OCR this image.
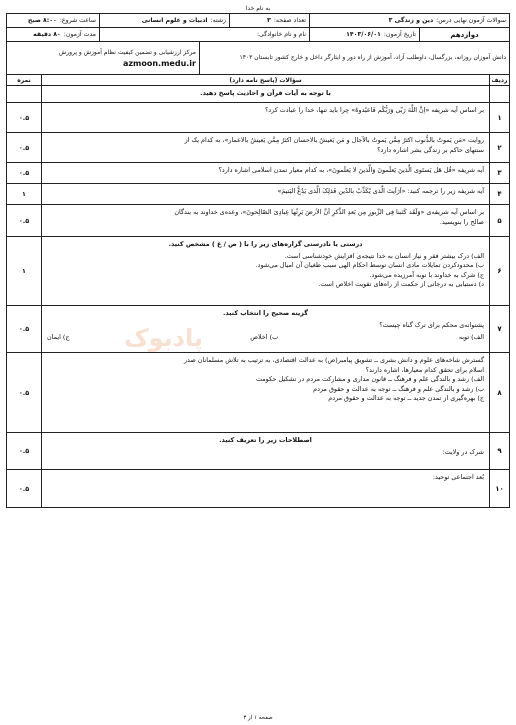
به نام خدا
سوالات آزمون نهایی درس:
دین و زندگی ۳
تعداد صفحه:
۳
رشته:
ادبیات و علوم انسانی
ساعت شروع:
۸:۰۰ صبح
دوازدهم
تاریخ آزمون:
۱۴۰۳/۰۶/۰۱
نام و نام خانوادگی:
مدت آزمون:
۸۰ دقیقه
دانش آموزان روزانه، بزرگسال، داوطلب آزاد، آموزش از راه دور و ایثارگر داخل و خارج کشور تابستان ۱۴۰۳
مرکز ارزشیابی و تضمین کیفیت نظام آموزش و پرورش
azmoon.medu.ir
ردیف
سؤالات (پاسخ نامه دارد)
نمره
با توجه به آیات قرآن و احادیث پاسخ دهید.
۱
بر اساس آیه شریفه «اِنَّ اللَّهَ رَبّی وَرَبُّکُم فَاعبُدوهُ» چرا باید تنها، خدا را عبادت کرد؟
۰.۵
۲
روایت «مَن یَموتُ بالذُّنوب اکثرُ مِمَّن یَموتُ بالآجال و مَن یَعیشُ بالاحسان اکثرُ مِمَّن یَعیشُ بالاعمار»، به کدام یک از
سنتهای حاکم بر زندگی بشر اشاره دارد؟
۰.۵
۳
آیه شریفه «قُل هَل یَستَوی الَّذینَ یَعلَمونَ وَالَّذینَ لا یَعلَمونَ»، به کدام معیار تمدن اسلامی اشاره دارد؟
۰.۵
۴
آیه شریفه زیر را ترجمه کنید: «اَرَاَیتَ الَّذی یُکَذِّبُ بالدّین فَذلِکَ الَّذی یَدُعُّ الیَتیمَ»
۱
۵
بر اساس آیه شریفه‌ی «وَلَقَد کَتَبنا فِی الزَّبورِ مِن بَعدِ الذِّکرِ اَنَّ الاَرضَ یَرِثُها عِبادِیَ الصّالِحونَ»، وعده‌ی خداوند به بندگان
صالح را بنویسید.
۰.۵
۶
درستی یا نادرستی گزاره‌های زیر را با ( ص / غ ) مشخص کنید.
الف) درک بیشتر فقر و نیاز انسان به خدا نتیجه‌ی افزایش خودشناسی است.
ب) محدودکردن تمایلات مادی انسان توسط احکام الهی سبب طغیان آن امیال می‌شود.
ج) شرک به خداوند با توبه آمرزیده می‌شود.
د) دستیابی به درجاتی از حکمت از راه‌های تقویت اخلاص است.
۱
۷
گزینه صحیح را انتخاب کنید.
پشتوانه‌ی محکم برای ترک گناه چیست؟
الف) توبه
ب) اخلاص
ج) ایمان
۰.۵
۸
گسترش شاخه‌های علوم و دانش بشری ــ تشویق پیامبر(ص) به عدالت اقتصادی، به ترتیب به تلاش مسلمانان صدر
اسلام برای تحقق کدام معیارها، اشاره دارند؟
الف) رشد و بالندگی علم و فرهنگ ــ قانون مداری و مشارکت مردم در تشکیل حکومت
ب) رشد و بالندگی علم و فرهنگ ــ توجه به عدالت و حقوق مردم
ج) بهره‌گیری از تمدن جدید ــ توجه به عدالت و حقوق مردم
۰.۵
۹
اصطلاحات زیر را تعریف کنید.
شرک در ولایت:
۰.۵
۱۰
بُعد اجتماعی توحید:
۰.۵
پادبوک
صفحه ۱ از ۳
